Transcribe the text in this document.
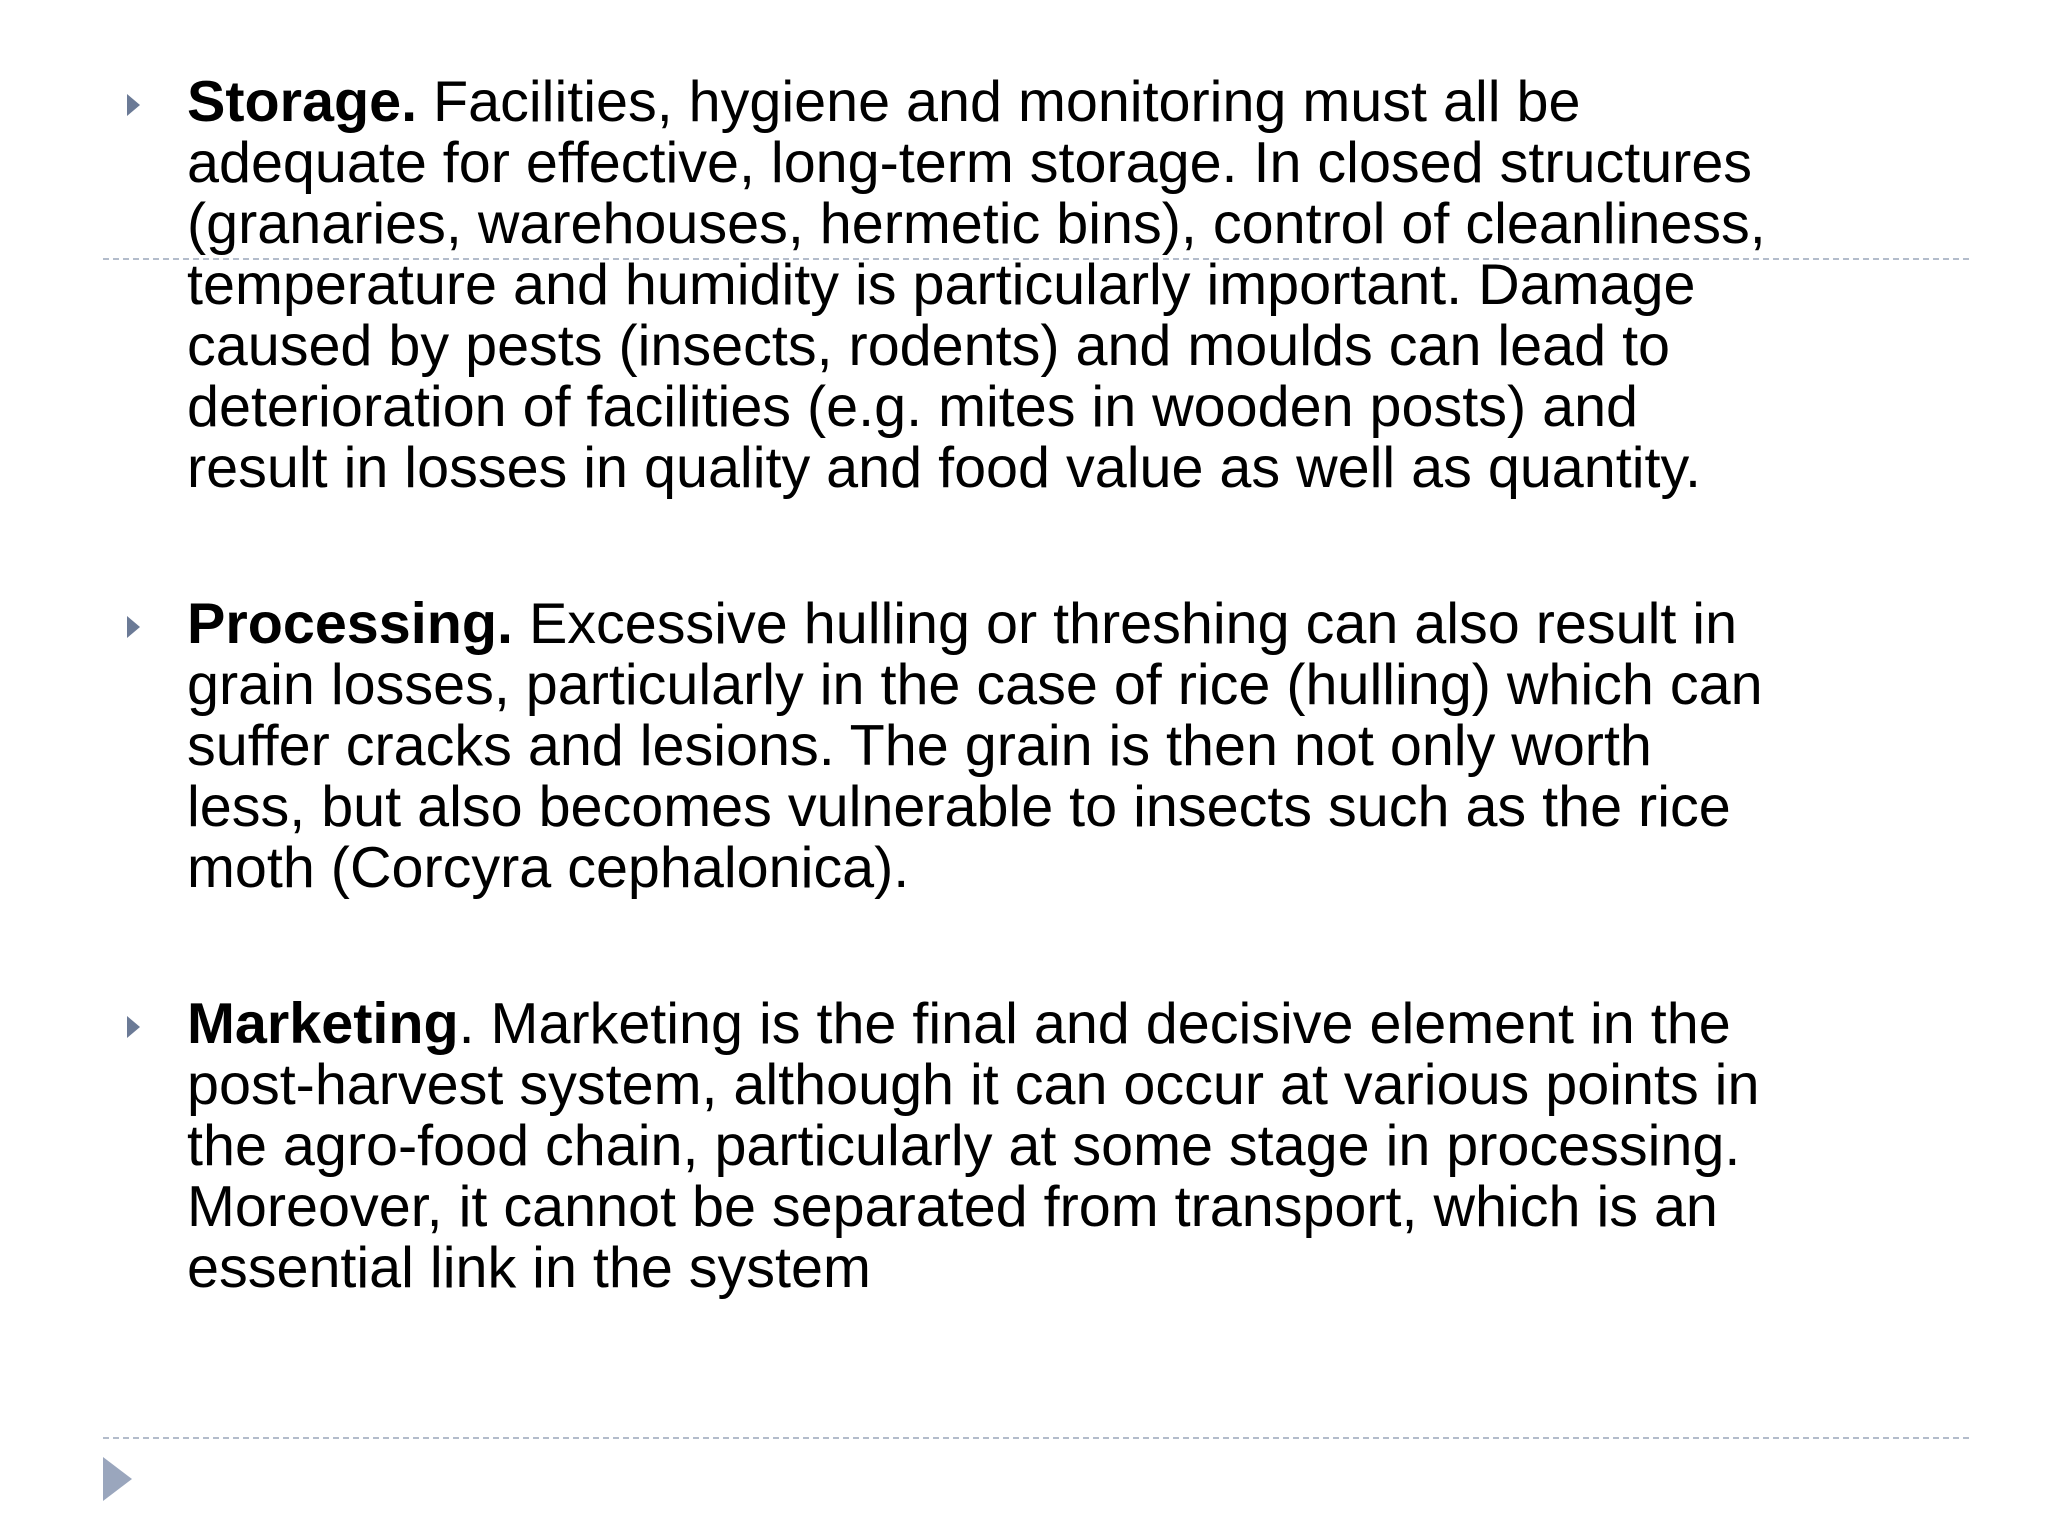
Storage. Facilities, hygiene and monitoring must all be
adequate for effective, long-term storage. In closed structures
(granaries, warehouses, hermetic bins), control of cleanliness,
temperature and humidity is particularly important. Damage
caused by pests (insects, rodents) and moulds can lead to
deterioration of facilities (e.g. mites in wooden posts) and
result in losses in quality and food value as well as quantity.

Processing. Excessive hulling or threshing can also result in
grain losses, particularly in the case of rice (hulling) which can
suffer cracks and lesions. The grain is then not only worth
less, but also becomes vulnerable to insects such as the rice
moth (Corcyra cephalonica).

Marketing. Marketing is the final and decisive element in the
post-harvest system, although it can occur at various points in
the agro-food chain, particularly at some stage in processing.
Moreover, it cannot be separated from transport, which is an
essential link in the system
